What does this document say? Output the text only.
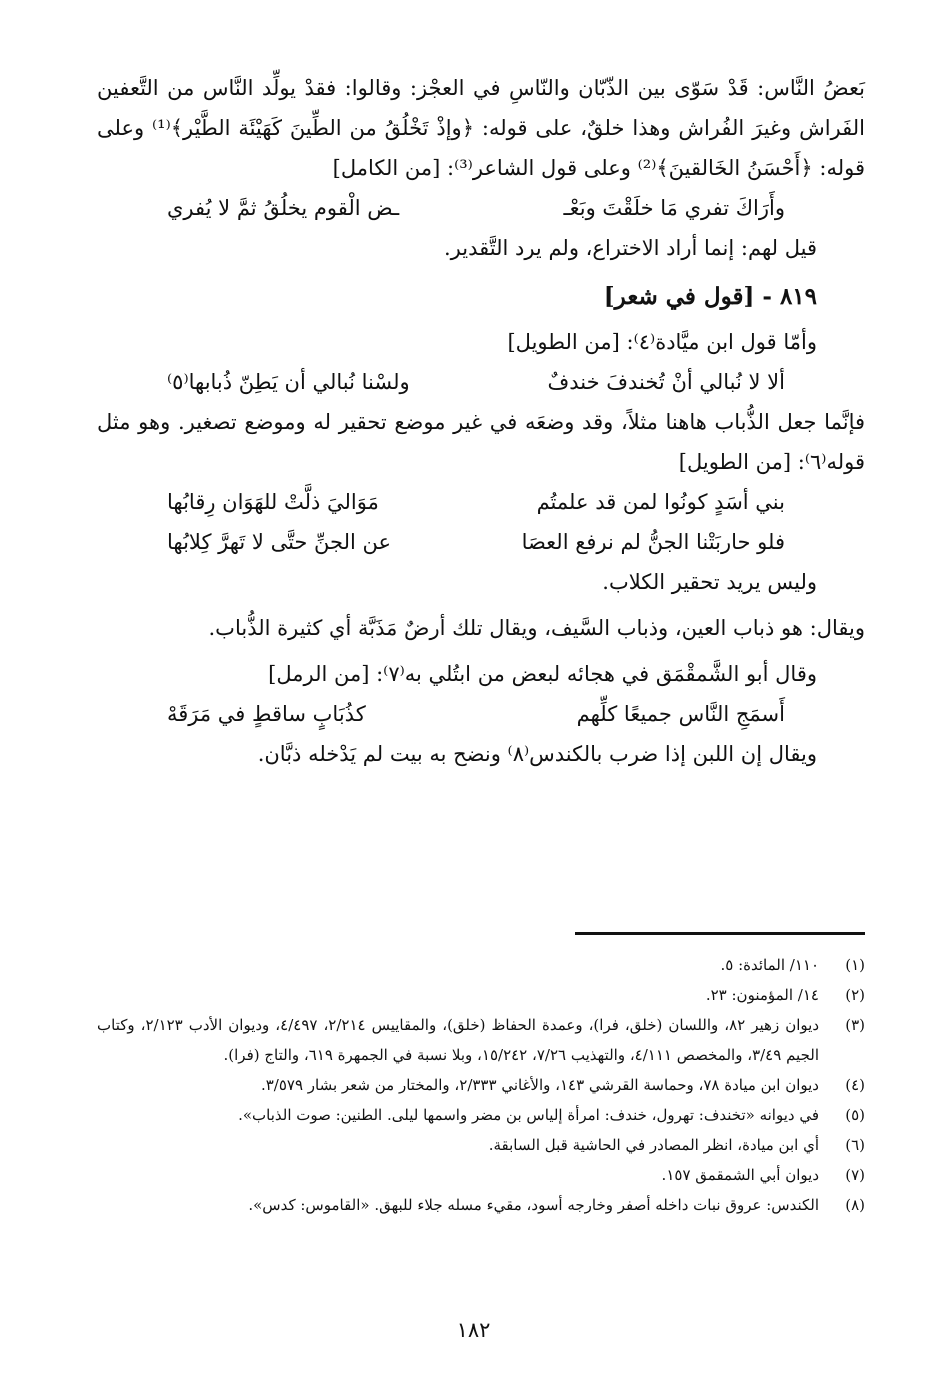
بَعضُ النَّاس: قَدْ سَوّى بين الذّبّان والنّاسِ في العجْز: وقالوا: فقدْ يولِّد النَّاس من التَّعفين الفَراش وغيرَ الفُراش وهذا خلقٌ، على قوله: ﴿وإذْ تَخْلُقُ من الطِّينَ كَهَيْئَة الطَّيْر﴾⁽¹⁾ وعلى قوله: ﴿أَحْسَنُ الخَالقينَ﴾⁽²⁾ وعلى قول الشاعر⁽³⁾: [من الكامل]

وأَرَاكَ تفري مَا خلَقْتَ وبَعْـ
ـض الْقوم يخلُقُ ثمَّ لا يُفري

قيل لهم: إنما أراد الاختراع، ولم يرد التَّقدير.

٨١٩ - [قول في شعر]

وأمّا قول ابن ميَّادة⁽٤⁾: [من الطويل]

ألا لا نُبالي أنْ تُخندفَ خندفٌ
ولسْنا نُبالي أن يَطِنّ ذُبابها⁽٥⁾

فإنَّما جعل الذُّباب هاهنا مثلاً، وقد وضعَه في غير موضع تحقير له وموضع تصغير. وهو مثل قوله⁽٦⁾: [من الطويل]

بني أسَدٍ كونُوا لمن قد علمتُم
مَوَاليَ ذلَّتْ للهَوَان رِقابُها
فلو حاربَتْنا الجنُّ لم نرفع العصَا
عن الجنِّ حتَّى لا تَهرَّ كِلابُها

وليس يريد تحقير الكلاب.

ويقال: هو ذباب العين، وذباب السَّيف، ويقال تلك أرضٌ مَذَبَّة أي كثيرة الذُّباب.

وقال أبو الشَّمقْمَق في هجائه لبعض من ابتُلي به⁽٧⁾: [من الرمل]

أَسمَجِ النَّاس جميعًا كلِّهم
كذُبَابٍ ساقطٍ في مَرَقَهْ

ويقال إن اللبن إذا ضرب بالكندس⁽٨⁾ ونضح به بيت لم يَدْخله ذبَّان.

(١)
١١٠/ المائدة: ٥.
(٢)
١٤/ المؤمنون: ٢٣.
(٣)
ديوان زهير ٨٢، واللسان (خلق، فرا)، وعمدة الحفاظ (خلق)، والمقاييس ٢/٢١٤، ٤/٤٩٧، وديوان الأدب ٢/١٢٣، وكتاب الجيم ٣/٤٩، والمخصص ٤/١١١، والتهذيب ٧/٢٦، ١٥/٢٤٢، وبلا نسبة في الجمهرة ٦١٩، والتاج (فرا).
(٤)
ديوان ابن ميادة ٧٨، وحماسة القرشي ١٤٣، والأغاني ٢/٣٣٣، والمختار من شعر بشار ٣/٥٧٩.
(٥)
في ديوانه «تخندف: تهرول، خندف: امرأة إلياس بن مضر واسمها ليلى. الطنين: صوت الذباب».
(٦)
أي ابن ميادة، انظر المصادر في الحاشية قبل السابقة.
(٧)
ديوان أبي الشمقمق ١٥٧.
(٨)
الكندس: عروق نبات داخله أصفر وخارجه أسود، مقيء مسله جلاء للبهق. «القاموس: كدس».
١٨٢
